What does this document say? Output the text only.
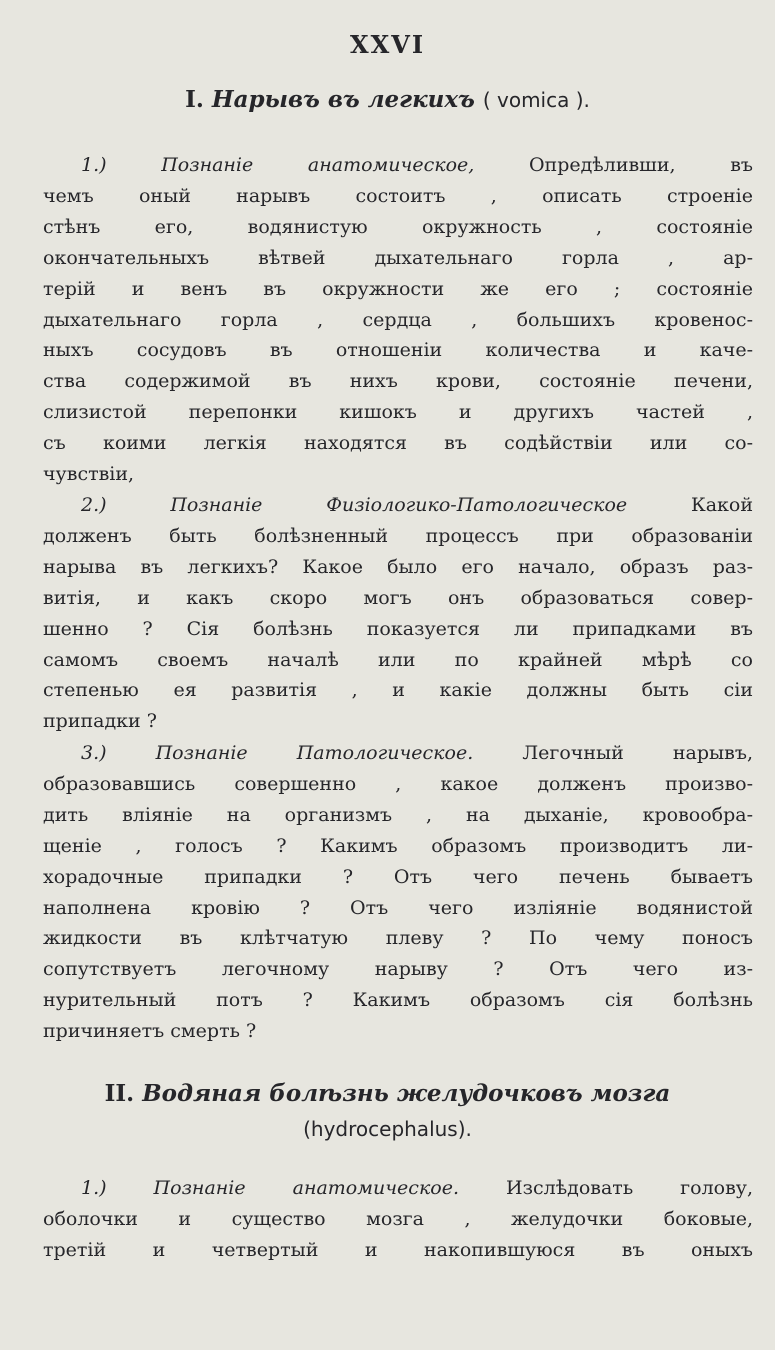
XXVI
I. Нарывъ въ легкихъ ( vomica ).
  1.) Познаніе анатомическое,	Опредѣливши, въ
чемъ оный нарывъ состоитъ , описать строеніе
стѣнъ его, водянистую окружность , состояніе
окончательныхъ вѣтвей дыхательнаго горла , ар-
терій и венъ въ окружности же его ; состояніе
дыхательнаго горла , сердца , большихъ кровенос-
ныхъ сосудовъ въ отношеніи количества и каче-
ства содержимой въ нихъ крови, состояніе печени,
слизистой перепонки кишокъ и другихъ частей ,
съ коими легкія находятся въ содѣйствіи или со-
чувствіи,
  2.) Познаніе Физіологико-Патологическое	Какой
долженъ быть болѣзненный процессъ при образованіи
нарыва въ легкихъ? Какое было его начало, образъ раз-
витія, и какъ скоро могъ онъ образоваться совер-
шенно ? Сія болѣзнь показуется ли припадками въ
самомъ своемъ началѣ или по крайней мѣрѣ со
степенью ея развитія , и какіе должны быть сіи
припадки ?
  3.) Познаніе Патологическое.	Легочный нарывъ,
образовавшись совершенно , какое долженъ произво-
дить вліяніе на организмъ , на дыханіе, кровообра-
щеніе , голосъ ? Какимъ образомъ производитъ ли-
хорадочные припадки ? Отъ чего печень бываетъ
наполнена кровію ? Отъ чего изліяніе водянистой
жидкости въ клѣтчатую плеву ? По чему поносъ
сопутствуетъ легочному нарыву ? Отъ чего из-
нурительный потъ ? Какимъ образомъ сія болѣзнь
причиняетъ смерть ?
II. Водяная болѣзнь желудочковъ мозга
(hydrocephalus).
  1.) Познаніе анатомическое. Изслѣдовать голову,
оболочки и существо мозга , желудочки боковые,
третій и четвертый и накопившуюся въ оныхъ
